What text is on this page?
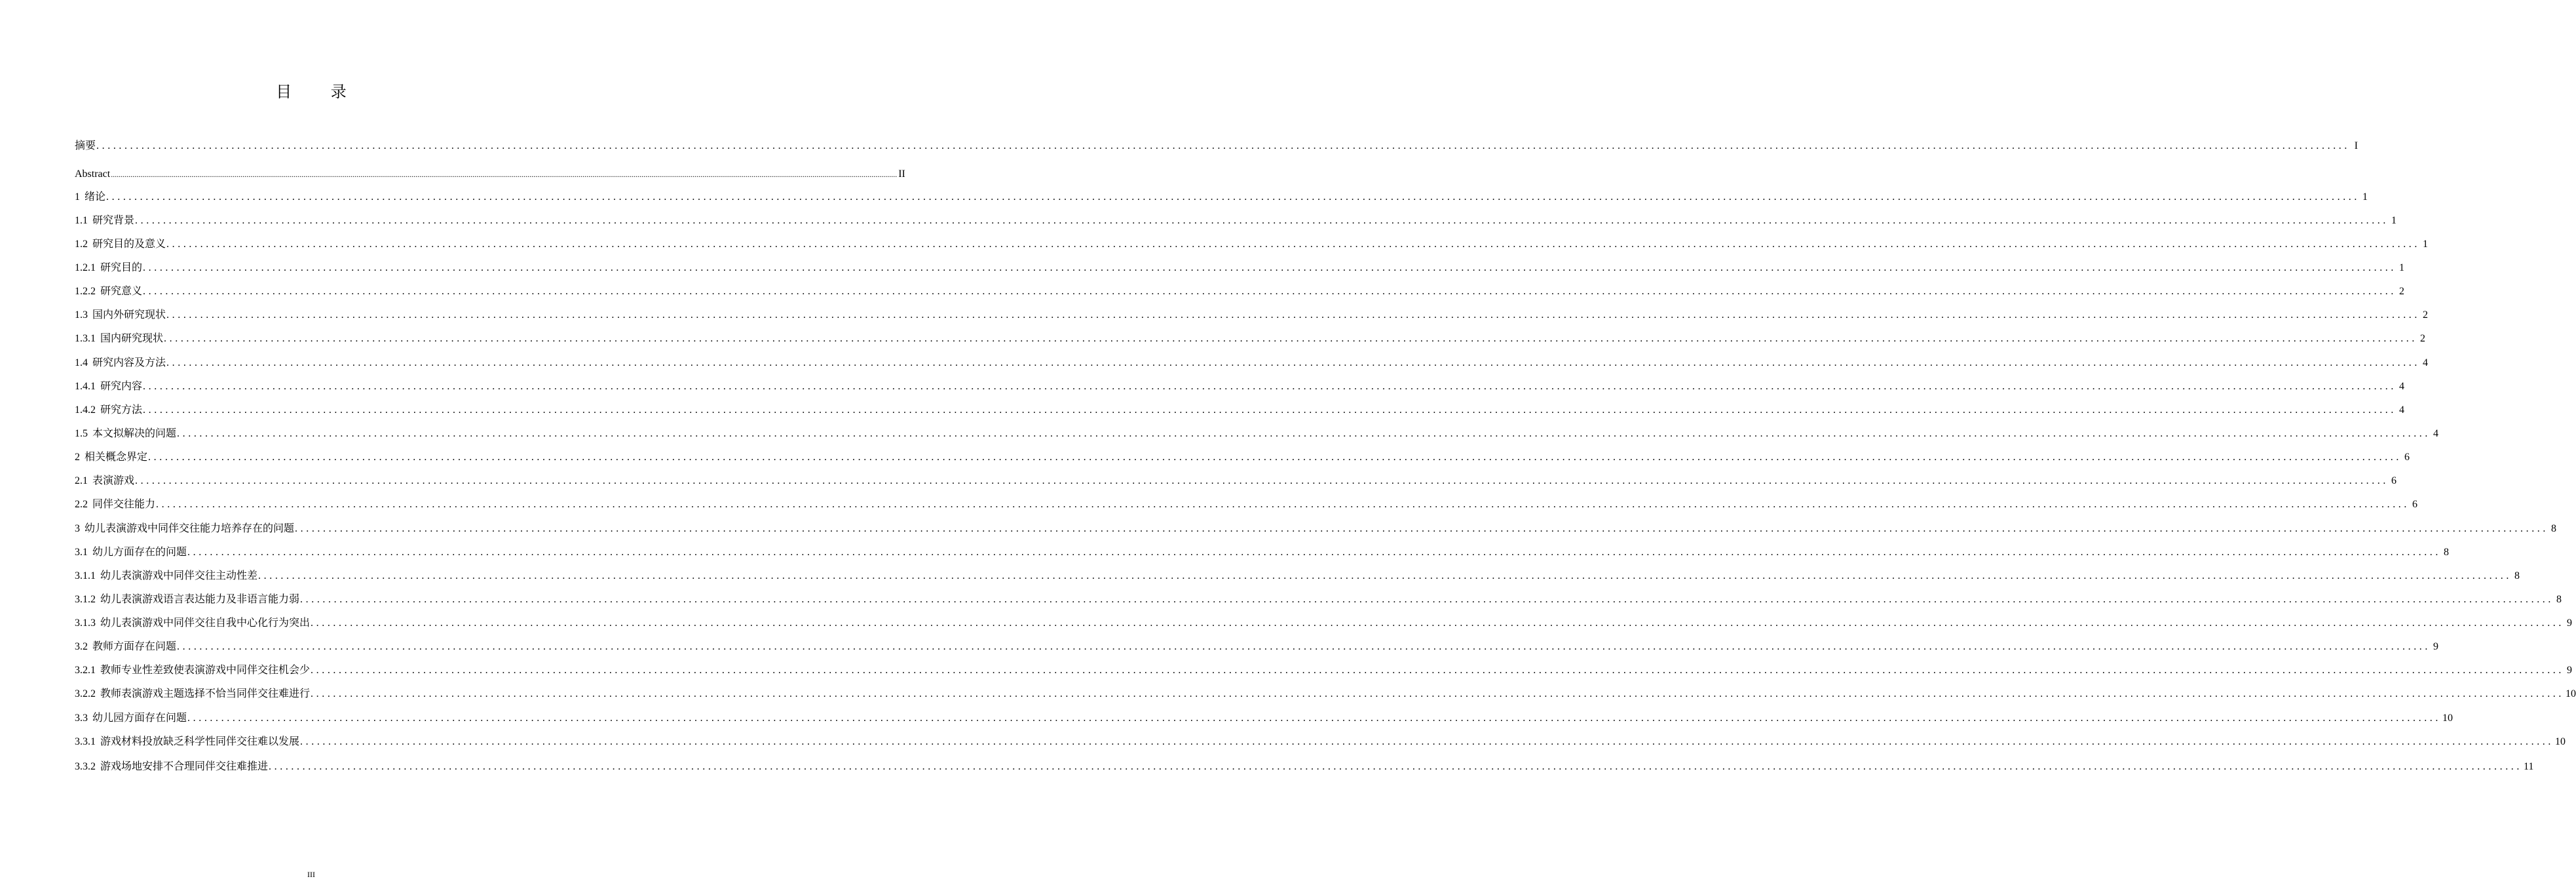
目 录
摘要 ................................................................................................................................................................................................................................................................................................................................................................................................................ I
Abstract ................................................................................................................................................................................................................................................................................................................................................................................................................ II
1 绪论 ................................................................................................................................................................................................................................................................................................................................................................................................................ 1
1.1 研究背景 ................................................................................................................................................................................................................................................................................................................................................................................................................ 1
1.2 研究目的及意义 ................................................................................................................................................................................................................................................................................................................................................................................................................ 1
1.2.1 研究目的 ................................................................................................................................................................................................................................................................................................................................................................................................................ 1
1.2.2 研究意义 ................................................................................................................................................................................................................................................................................................................................................................................................................ 2
1.3 国内外研究现状 ................................................................................................................................................................................................................................................................................................................................................................................................................ 2
1.3.1 国内研究现状 ................................................................................................................................................................................................................................................................................................................................................................................................................ 2
1.4 研究内容及方法 ................................................................................................................................................................................................................................................................................................................................................................................................................ 4
1.4.1 研究内容 ................................................................................................................................................................................................................................................................................................................................................................................................................ 4
1.4.2 研究方法 ................................................................................................................................................................................................................................................................................................................................................................................................................ 4
1.5 本文拟解决的问题 ................................................................................................................................................................................................................................................................................................................................................................................................................ 4
2 相关概念界定 ................................................................................................................................................................................................................................................................................................................................................................................................................ 6
2.1 表演游戏 ................................................................................................................................................................................................................................................................................................................................................................................................................ 6
2.2 同伴交往能力 ................................................................................................................................................................................................................................................................................................................................................................................................................ 6
3 幼儿表演游戏中同伴交往能力培养存在的问题 ................................................................................................................................................................................................................................................................................................................................................................................................................ 8
3.1 幼儿方面存在的问题 ................................................................................................................................................................................................................................................................................................................................................................................................................ 8
3.1.1 幼儿表演游戏中同伴交往主动性差 ................................................................................................................................................................................................................................................................................................................................................................................................................ 8
3.1.2 幼儿表演游戏语言表达能力及非语言能力弱 ................................................................................................................................................................................................................................................................................................................................................................................................................ 8
3.1.3 幼儿表演游戏中同伴交往自我中心化行为突出 ................................................................................................................................................................................................................................................................................................................................................................................................................ 9
3.2 教师方面存在问题 ................................................................................................................................................................................................................................................................................................................................................................................................................ 9
3.2.1 教师专业性差致使表演游戏中同伴交往机会少 ................................................................................................................................................................................................................................................................................................................................................................................................................ 9
3.2.2 教师表演游戏主题选择不恰当同伴交往难进行 ................................................................................................................................................................................................................................................................................................................................................................................................................ 10
3.3 幼儿园方面存在问题 ................................................................................................................................................................................................................................................................................................................................................................................................................ 10
3.3.1 游戏材料投放缺乏科学性同伴交往难以发展 ................................................................................................................................................................................................................................................................................................................................................................................................................ 10
3.3.2 游戏场地安排不合理同伴交往难推进 ................................................................................................................................................................................................................................................................................................................................................................................................................ 11
III
